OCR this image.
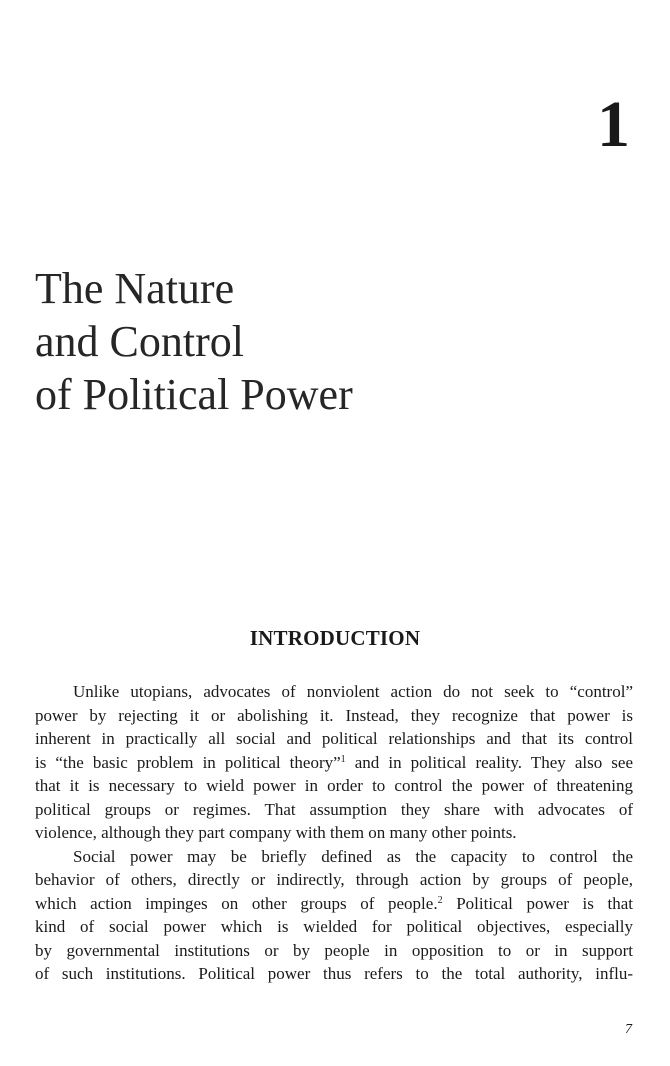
1
The Nature
and Control
of Political Power
INTRODUCTION

Unlike utopians, advocates of nonviolent action do not seek to “control”
power by rejecting it or abolishing it. Instead, they recognize that power is
inherent in practically all social and political relationships and that its control
is “the basic problem in political theory”$^1$ and in political reality. They also see
that it is necessary to wield power in order to control the power of threatening
political groups or regimes. That assumption they share with advocates of
violence, although they part company with them on many other points.

Social power may be briefly defined as the capacity to control the
behavior of others, directly or indirectly, through action by groups of people,
which action impinges on other groups of people.$^2$ Political power is that
kind of social power which is wielded for political objectives, especially
by governmental institutions or by people in opposition to or in support
of such institutions. Political power thus refers to the total authority, influ-

7
